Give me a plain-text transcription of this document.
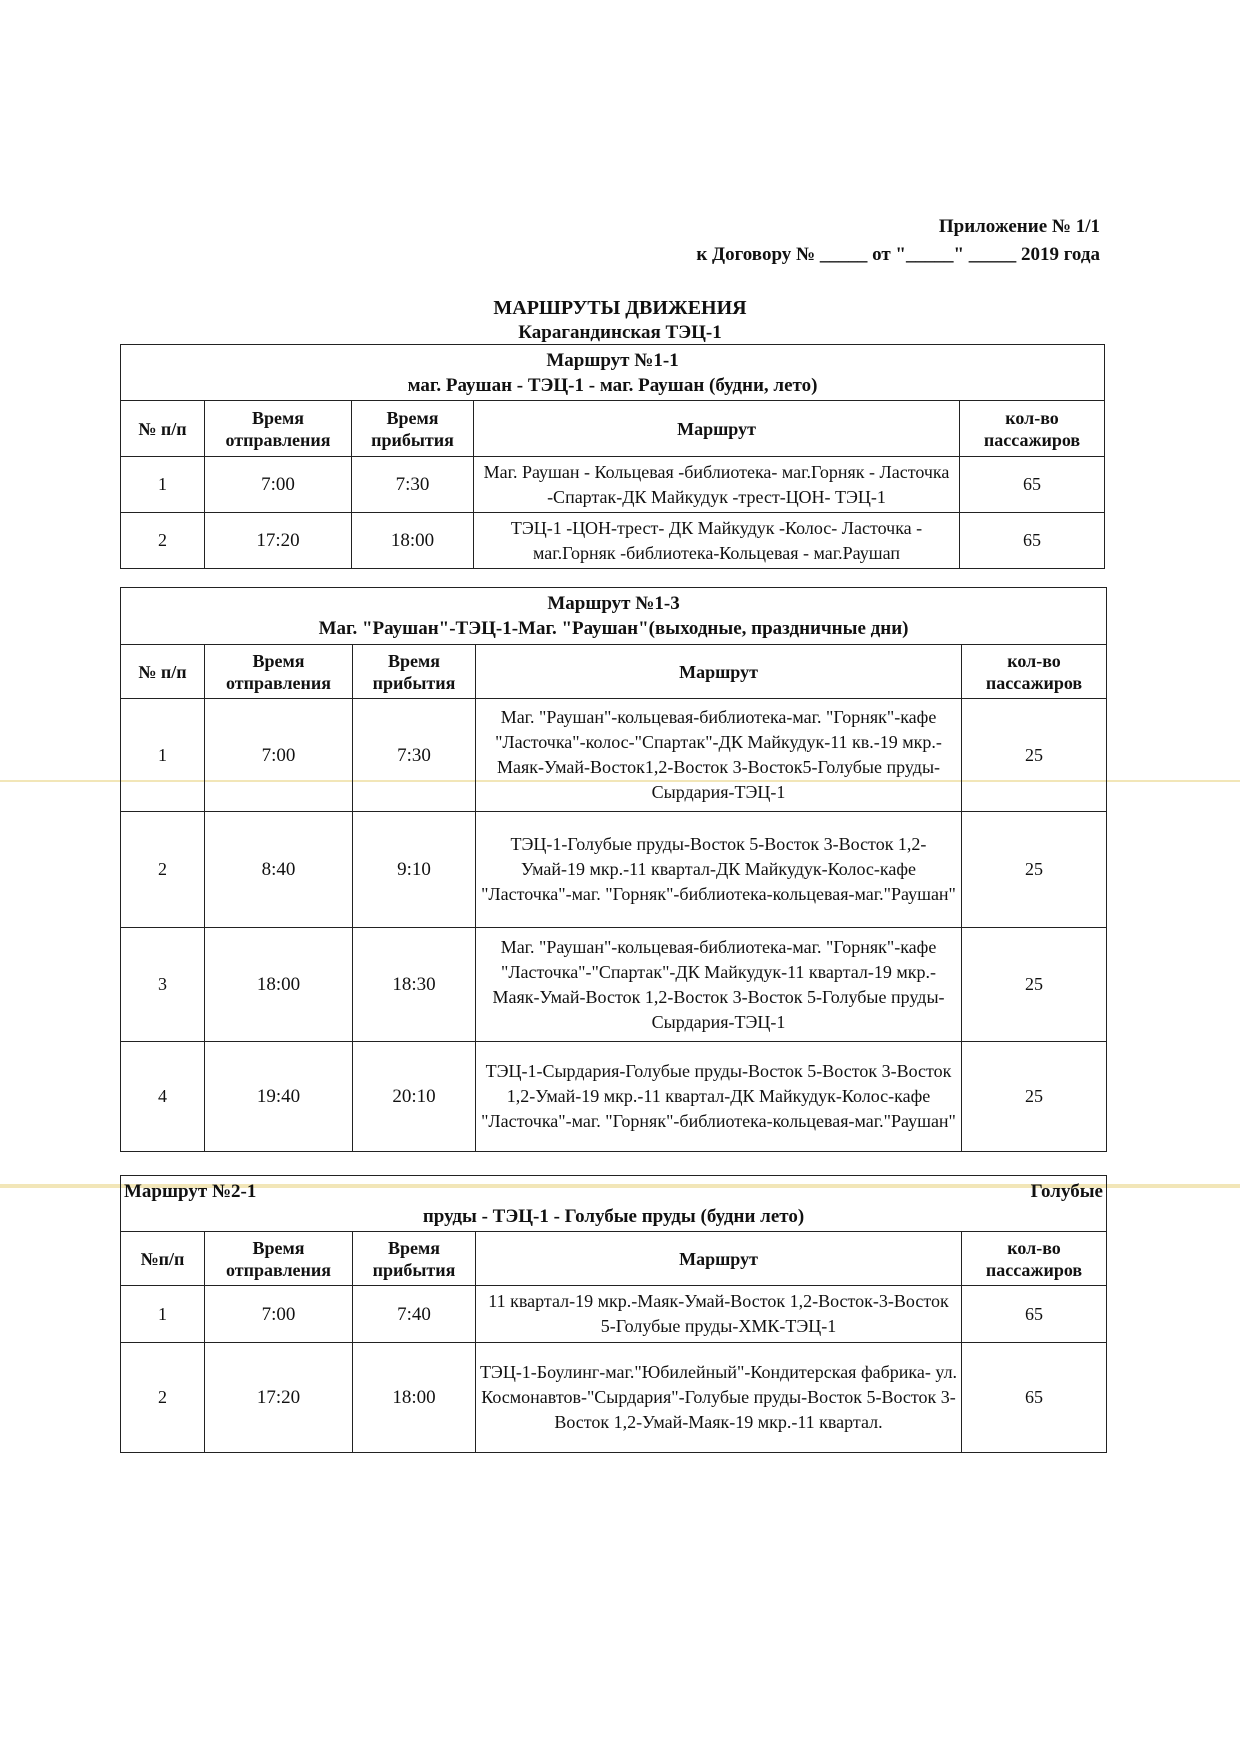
Приложение № 1/1
к Договору № _____ от "_____" _____ 2019 года
МАРШРУТЫ ДВИЖЕНИЯ
Карагандинская ТЭЦ-1
Маршрут №1-1
маг. Раушан - ТЭЦ-1 - маг. Раушан (будни, лето)				

№ п/п	Время отправления	Время прибытия	Маршрут	кол-во пассажиров
1	7:00	7:30	Маг. Раушан - Кольцевая -библиотека- маг.Горняк - Ласточка -Спартак-ДК Майкудук -трест-ЦОН- ТЭЦ-1	65
2	17:20	18:00	ТЭЦ-1 -ЦОН-трест- ДК Майкудук -Колос- Ласточка - маг.Горняк -библиотека-Кольцевая - маг.Раушап	65
Маршрут №1-3
Маг. "Раушан"-ТЭЦ-1-Маг. "Раушан"(выходные, праздничные дни)				

№ п/п	Время отправления	Время прибытия	Маршрут	кол-во пассажиров
1	7:00	7:30	Маг. "Раушан"-кольцевая-библиотека-маг. "Горняк"-кафе "Ласточка"-колос-"Спартак"-ДК Майкудук-11 кв.-19 мкр.-Маяк-Умай-Восток1,2-Восток 3-Восток5-Голубые пруды-Сырдария-ТЭЦ-1	25
2	8:40	9:10	ТЭЦ-1-Голубые пруды-Восток 5-Восток 3-Восток 1,2-Умай-19 мкр.-11 квартал-ДК Майкудук-Колос-кафе "Ласточка"-маг. "Горняк"-библиотека-кольцевая-маг."Раушан"	25
3	18:00	18:30	Маг. "Раушан"-кольцевая-библиотека-маг. "Горняк"-кафе "Ласточка"-"Спартак"-ДК Майкудук-11 квартал-19 мкр.-Маяк-Умай-Восток 1,2-Восток 3-Восток 5-Голубые пруды-Сырдария-ТЭЦ-1	25
4	19:40	20:10	ТЭЦ-1-Сырдария-Голубые пруды-Восток 5-Восток 3-Восток 1,2-Умай-19 мкр.-11 квартал-ДК Майкудук-Колос-кафе "Ласточка"-маг. "Горняк"-библиотека-кольцевая-маг."Раушан"	25
Маршрут №2-1 Голубые
пруды - ТЭЦ-1 - Голубые пруды (будни лето)				

№п/п	Время отправления	Время прибытия	Маршрут	кол-во пассажиров
1	7:00	7:40	11 квартал-19 мкр.-Маяк-Умай-Восток 1,2-Восток-3-Восток 5-Голубые пруды-ХМК-ТЭЦ-1	65
2	17:20	18:00	ТЭЦ-1-Боулинг-маг."Юбилейный"-Кондитерская фабрика- ул. Космонавтов-"Сырдария"-Голубые пруды-Восток 5-Восток 3-Восток 1,2-Умай-Маяк-19 мкр.-11 квартал.	65
